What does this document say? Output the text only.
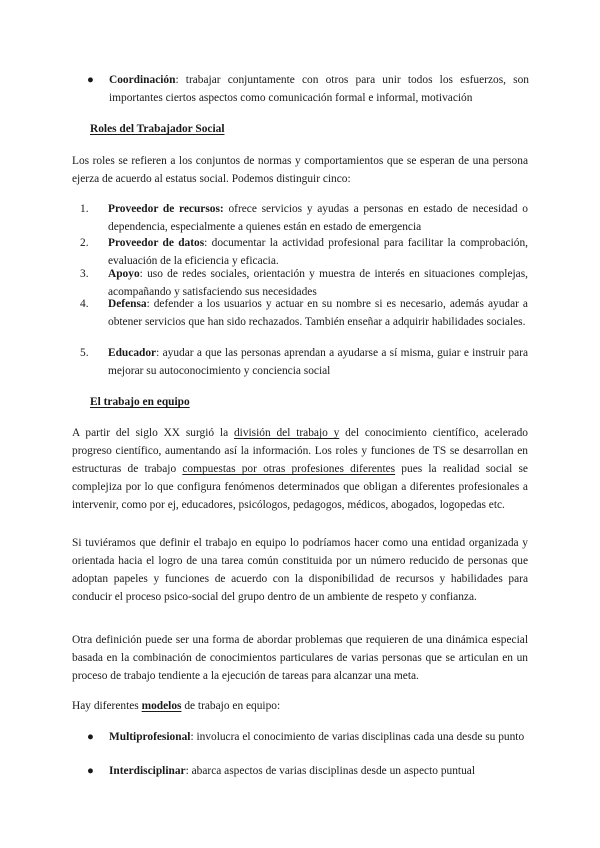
● Coordinación: trabajar conjuntamente con otros para unir todos los esfuerzos, son importantes ciertos aspectos como comunicación formal e informal, motivación

Roles del Trabajador Social

Los roles se refieren a los conjuntos de normas y comportamientos que se esperan de una persona ejerza de acuerdo al estatus social. Podemos distinguir cinco:

1.	Proveedor de recursos: ofrece servicios y ayudas a personas en estado de necesidad o dependencia, especialmente a quienes están en estado de emergencia

2.	Proveedor de datos: documentar la actividad profesional para facilitar la comprobación, evaluación de la eficiencia y eficacia.

3.	Apoyo: uso de redes sociales, orientación y muestra de interés en situaciones complejas, acompañando y satisfaciendo sus necesidades

4.	Defensa: defender a los usuarios y actuar en su nombre si es necesario, además ayudar a obtener servicios que han sido rechazados. También enseñar a adquirir habilidades sociales.

5.	Educador: ayudar a que las personas aprendan a ayudarse a sí misma, guiar e instruir para mejorar su autoconocimiento y conciencia social

El trabajo en equipo

A partir del siglo XX surgió la división del trabajo y del conocimiento científico, acelerado progreso científico, aumentando así la información. Los roles y funciones de TS se desarrollan en estructuras de trabajo compuestas por otras profesiones diferentes pues la realidad social se complejiza por lo que configura fenómenos determinados que obligan a diferentes profesionales a intervenir, como por ej, educadores, psicólogos, pedagogos, médicos, abogados, logopedas etc.

Si tuviéramos que definir el trabajo en equipo lo podríamos hacer como una entidad organizada y orientada hacia el logro de una tarea común constituida por un número reducido de personas que adoptan papeles y funciones de acuerdo con la disponibilidad de recursos y habilidades para conducir el proceso psico-social del grupo dentro de un ambiente de respeto y confianza.

Otra definición puede ser una forma de abordar problemas que requieren de una dinámica especial basada en la combinación de conocimientos particulares de varias personas que se articulan en un proceso de trabajo tendiente a la ejecución de tareas para alcanzar una meta.

Hay diferentes modelos de trabajo en equipo:

● Multiprofesional: involucra el conocimiento de varias disciplinas cada una desde su punto

● Interdisciplinar: abarca aspectos de varias disciplinas desde un aspecto puntual
